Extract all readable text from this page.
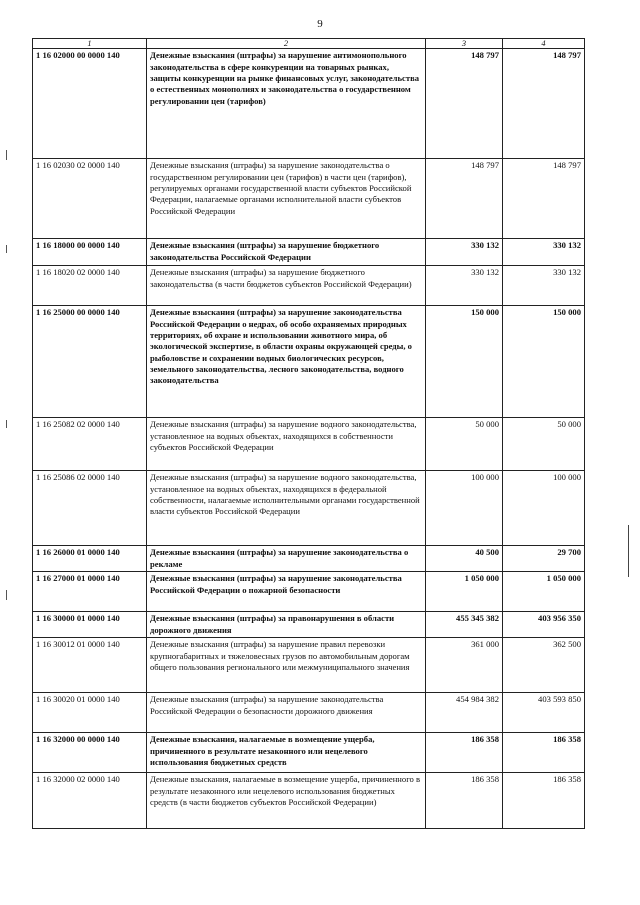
9
1	2	3	4
1 16 02000 00 0000 140	Денежные взыскания (штрафы) за нарушение антимонопольного законодательства в сфере конкуренции на товарных рынках, защиты конкуренции на рынке финансовых услуг, законодательства о естественных монополиях и законодательства о государственном регулировании цен (тарифов)	148 797	148 797
1 16 02030 02 0000 140	Денежные взыскания (штрафы) за нарушение законодательства о государственном регулировании цен (тарифов) в части цен (тарифов), регулируемых органами государственной власти субъектов Российской Федерации, налагаемые органами исполнительной власти субъектов Российской Федерации	148 797	148 797
1 16 18000 00 0000 140	Денежные взыскания (штрафы) за нарушение бюджетного законодательства Российской Федерации	330 132	330 132
1 16 18020 02 0000 140	Денежные взыскания (штрафы) за нарушение бюджетного законодательства (в части бюджетов субъектов Российской Федерации)	330 132	330 132
1 16 25000 00 0000 140	Денежные взыскания (штрафы) за нарушение законодательства Российской Федерации о недрах, об особо охраняемых природных территориях, об охране и использовании животного мира, об экологической экспертизе, в области охраны окружающей среды, о рыболовстве и сохранении водных биологических ресурсов, земельного законодательства, лесного законодательства, водного законодательства	150 000	150 000
1 16 25082 02 0000 140	Денежные взыскания (штрафы) за нарушение водного законодательства, установленное на водных объектах, находящихся в собственности субъектов Российской Федерации	50 000	50 000
1 16 25086 02 0000 140	Денежные взыскания (штрафы) за нарушение водного законодательства, установленное на водных объектах, находящихся в федеральной собственности, налагаемые исполнительными органами государственной власти субъектов Российской Федерации	100 000	100 000
1 16 26000 01 0000 140	Денежные взыскания (штрафы) за нарушение законодательства о рекламе	40 500	29 700
1 16 27000 01 0000 140	Денежные взыскания (штрафы) за нарушение законодательства Российской Федерации о пожарной безопасности	1 050 000	1 050 000
1 16 30000 01 0000 140	Денежные взыскания (штрафы) за правонарушения в области дорожного движения	455 345 382	403 956 350
1 16 30012 01 0000 140	Денежные взыскания (штрафы) за нарушение правил перевозки крупногабаритных и тяжеловесных грузов по автомобильным дорогам общего пользования регионального или межмуниципального значения	361 000	362 500
1 16 30020 01 0000 140	Денежные взыскания (штрафы) за нарушение законодательства Российской Федерации о безопасности дорожного движения	454 984 382	403 593 850
1 16 32000 00 0000 140	Денежные взыскания, налагаемые в возмещение ущерба, причиненного в результате незаконного или нецелевого использования бюджетных средств	186 358	186 358
1 16 32000 02 0000 140	Денежные взыскания, налагаемые в возмещение ущерба, причиненного в результате незаконного или нецелевого использования бюджетных средств (в части бюджетов субъектов Российской Федерации)	186 358	186 358
